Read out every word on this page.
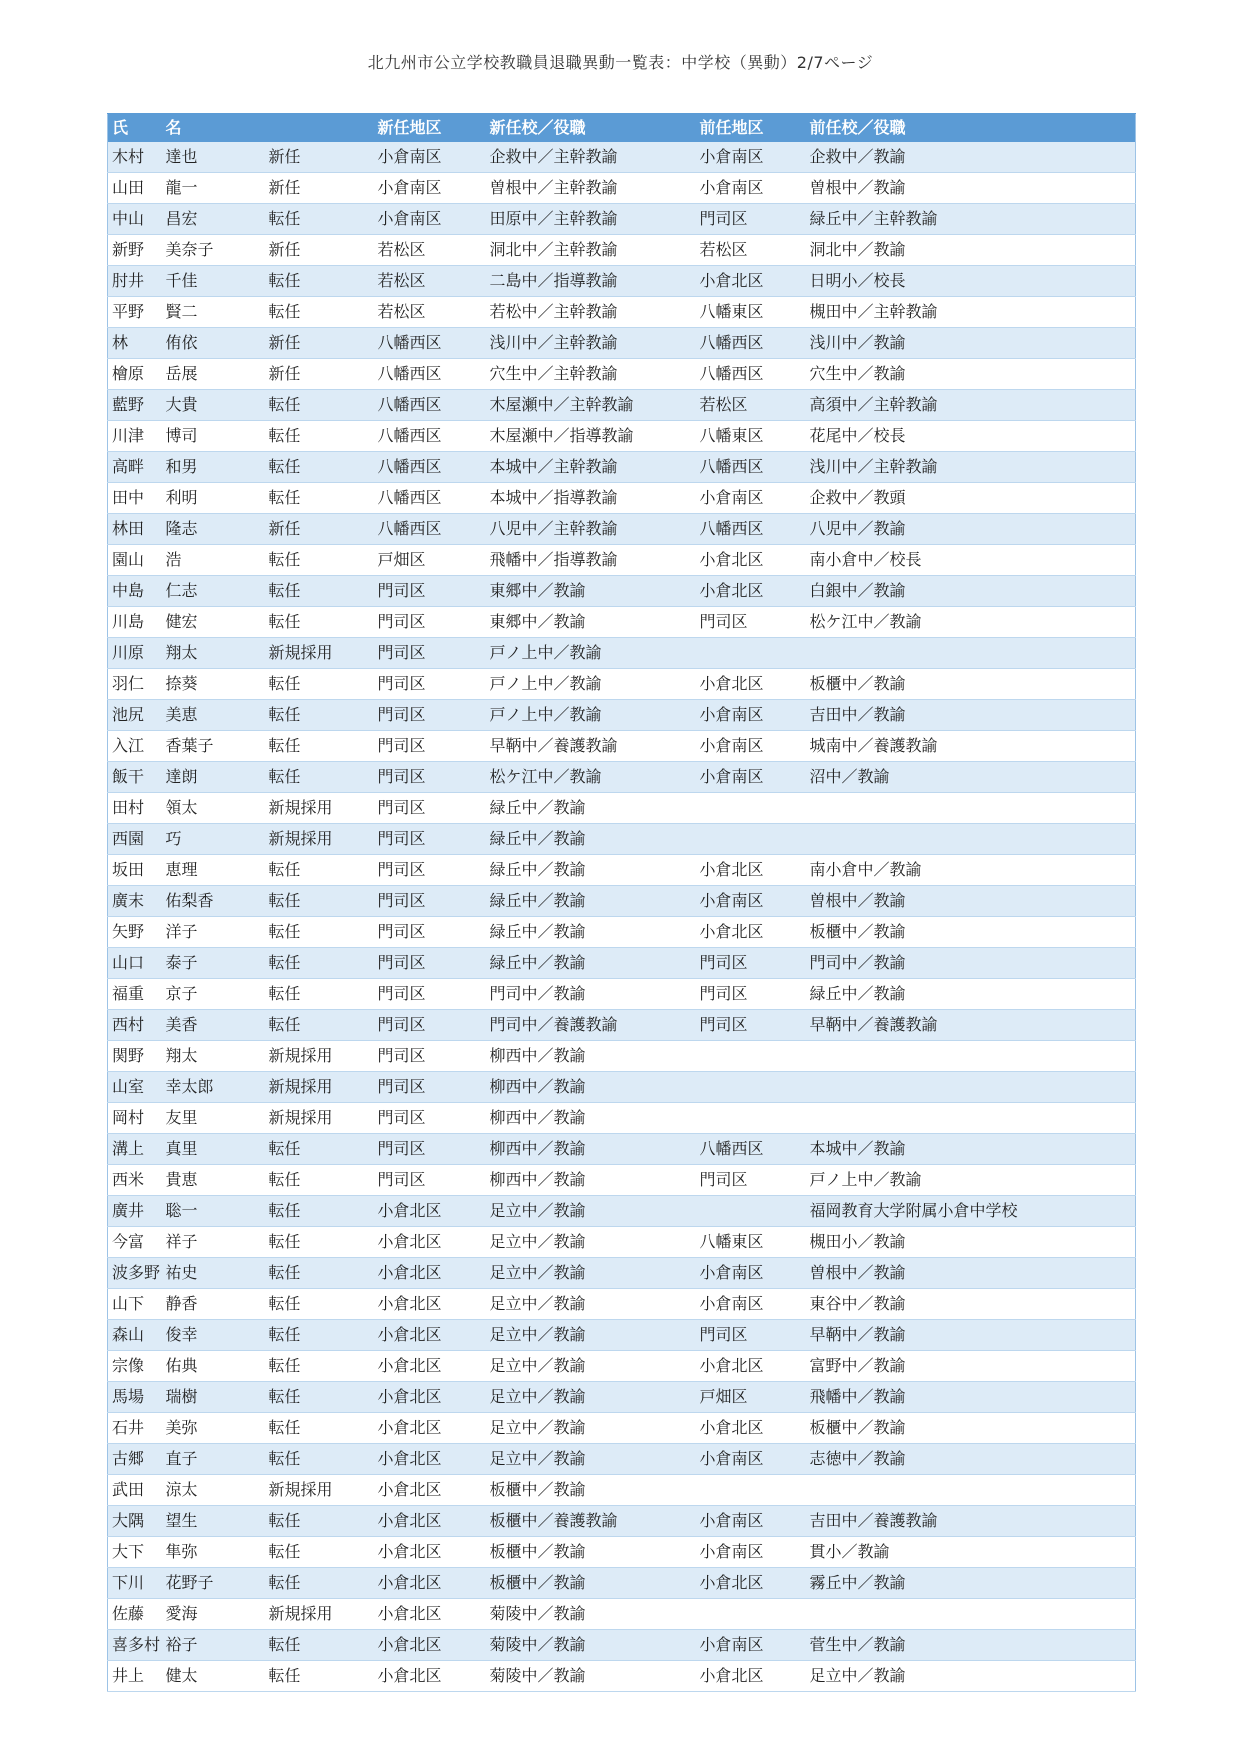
北九州市公立学校教職員退職異動一覧表：中学校（異動）2/7ページ
氏	名		新任地区	新任校／役職	前任地区	前任校／役職
木村	達也	新任	小倉南区	企救中／主幹教諭	小倉南区	企救中／教諭
山田	龍一	新任	小倉南区	曽根中／主幹教諭	小倉南区	曽根中／教諭
中山	昌宏	転任	小倉南区	田原中／主幹教諭	門司区	緑丘中／主幹教諭
新野	美奈子	新任	若松区	洞北中／主幹教諭	若松区	洞北中／教諭
肘井	千佳	転任	若松区	二島中／指導教諭	小倉北区	日明小／校長
平野	賢二	転任	若松区	若松中／主幹教諭	八幡東区	槻田中／主幹教諭
林	侑依	新任	八幡西区	浅川中／主幹教諭	八幡西区	浅川中／教諭
檜原	岳展	新任	八幡西区	穴生中／主幹教諭	八幡西区	穴生中／教諭
藍野	大貴	転任	八幡西区	木屋瀬中／主幹教諭	若松区	高須中／主幹教諭
川津	博司	転任	八幡西区	木屋瀬中／指導教諭	八幡東区	花尾中／校長
高畔	和男	転任	八幡西区	本城中／主幹教諭	八幡西区	浅川中／主幹教諭
田中	利明	転任	八幡西区	本城中／指導教諭	小倉南区	企救中／教頭
林田	隆志	新任	八幡西区	八児中／主幹教諭	八幡西区	八児中／教諭
園山	浩	転任	戸畑区	飛幡中／指導教諭	小倉北区	南小倉中／校長
中島	仁志	転任	門司区	東郷中／教諭	小倉北区	白銀中／教諭
川島	健宏	転任	門司区	東郷中／教諭	門司区	松ケ江中／教諭
川原	翔太	新規採用	門司区	戸ノ上中／教諭		
羽仁	捺葵	転任	門司区	戸ノ上中／教諭	小倉北区	板櫃中／教諭
池尻	美恵	転任	門司区	戸ノ上中／教諭	小倉南区	吉田中／教諭
入江	香葉子	転任	門司区	早鞆中／養護教諭	小倉南区	城南中／養護教諭
飯干	達朗	転任	門司区	松ケ江中／教諭	小倉南区	沼中／教諭
田村	領太	新規採用	門司区	緑丘中／教諭		
西園	巧	新規採用	門司区	緑丘中／教諭		
坂田	恵理	転任	門司区	緑丘中／教諭	小倉北区	南小倉中／教諭
廣末	佑梨香	転任	門司区	緑丘中／教諭	小倉南区	曽根中／教諭
矢野	洋子	転任	門司区	緑丘中／教諭	小倉北区	板櫃中／教諭
山口	泰子	転任	門司区	緑丘中／教諭	門司区	門司中／教諭
福重	京子	転任	門司区	門司中／教諭	門司区	緑丘中／教諭
西村	美香	転任	門司区	門司中／養護教諭	門司区	早鞆中／養護教諭
関野	翔太	新規採用	門司区	柳西中／教諭		
山室	幸太郎	新規採用	門司区	柳西中／教諭		
岡村	友里	新規採用	門司区	柳西中／教諭		
溝上	真里	転任	門司区	柳西中／教諭	八幡西区	本城中／教諭
西米	貴恵	転任	門司区	柳西中／教諭	門司区	戸ノ上中／教諭
廣井	聡一	転任	小倉北区	足立中／教諭		福岡教育大学附属小倉中学校
今富	祥子	転任	小倉北区	足立中／教諭	八幡東区	槻田小／教諭
波多野	祐史	転任	小倉北区	足立中／教諭	小倉南区	曽根中／教諭
山下	静香	転任	小倉北区	足立中／教諭	小倉南区	東谷中／教諭
森山	俊幸	転任	小倉北区	足立中／教諭	門司区	早鞆中／教諭
宗像	佑典	転任	小倉北区	足立中／教諭	小倉北区	富野中／教諭
馬場	瑞樹	転任	小倉北区	足立中／教諭	戸畑区	飛幡中／教諭
石井	美弥	転任	小倉北区	足立中／教諭	小倉北区	板櫃中／教諭
古郷	直子	転任	小倉北区	足立中／教諭	小倉南区	志徳中／教諭
武田	涼太	新規採用	小倉北区	板櫃中／教諭		
大隅	望生	転任	小倉北区	板櫃中／養護教諭	小倉南区	吉田中／養護教諭
大下	隼弥	転任	小倉北区	板櫃中／教諭	小倉南区	貫小／教諭
下川	花野子	転任	小倉北区	板櫃中／教諭	小倉北区	霧丘中／教諭
佐藤	愛海	新規採用	小倉北区	菊陵中／教諭		
喜多村	裕子	転任	小倉北区	菊陵中／教諭	小倉南区	菅生中／教諭
井上	健太	転任	小倉北区	菊陵中／教諭	小倉北区	足立中／教諭
